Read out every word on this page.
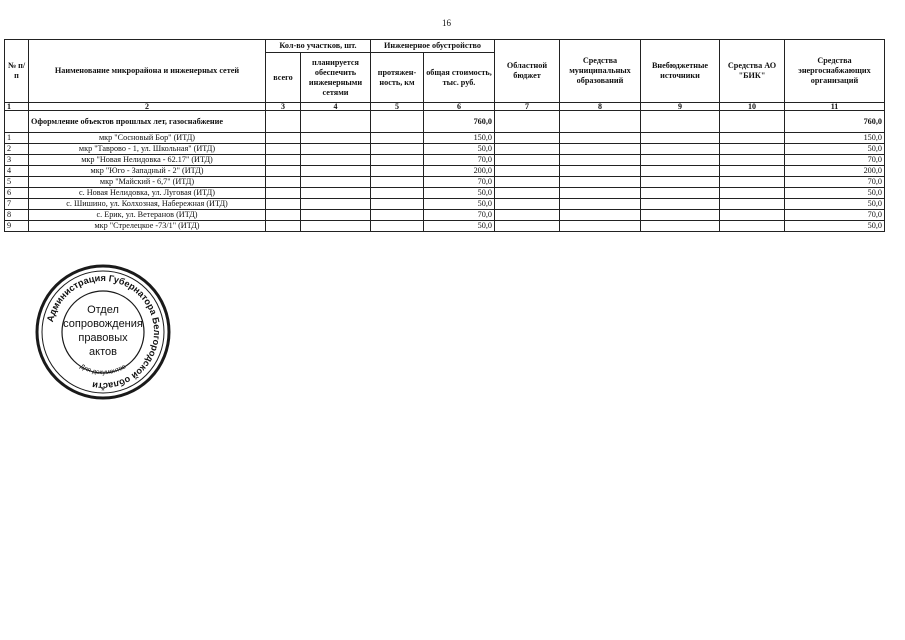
16
№ п/п	Наименование микрорайона и инженерных сетей	Кол-во участков, шт.		Инженерное обустройство		Областной бюджет	Средства муниципальных образований	Внебюджетные источники	Средства АО "БИК"	Средства энергоснабжающих организаций
		всего	планируется обеспечить инженерными сетями	протяжен-ность, км	общая стоимость, тыс. руб.					
1	2	3	4	5	6	7	8	9	10	11
	Оформление объектов прошлых лет, газоснабжение				760,0					760,0
1	мкр "Сосновый Бор" (ИТД)				150,0					150,0
2	мкр "Таврово - 1, ул. Школьная" (ИТД)				50,0					50,0
3	мкр "Новая Нелидовка - 62.17" (ИТД)				70,0					70,0
4	мкр "Юго - Западный - 2" (ИТД)				200,0					200,0
5	мкр "Майский - 6,7" (ИТД)				70,0					70,0
6	с. Новая Нелидовка, ул. Луговая (ИТД)				50,0					50,0
7	с. Шишино, ул. Колхозная, Набережная (ИТД)				50,0					50,0
8	с. Ерик, ул. Ветеранов (ИТД)				70,0					70,0
9	мкр "Стрелецкое -73/1" (ИТД)				50,0					50,0
Администрация Губернатора Белгородской области
Для документов
Отдел
сопровождения
правовых
актов
*
